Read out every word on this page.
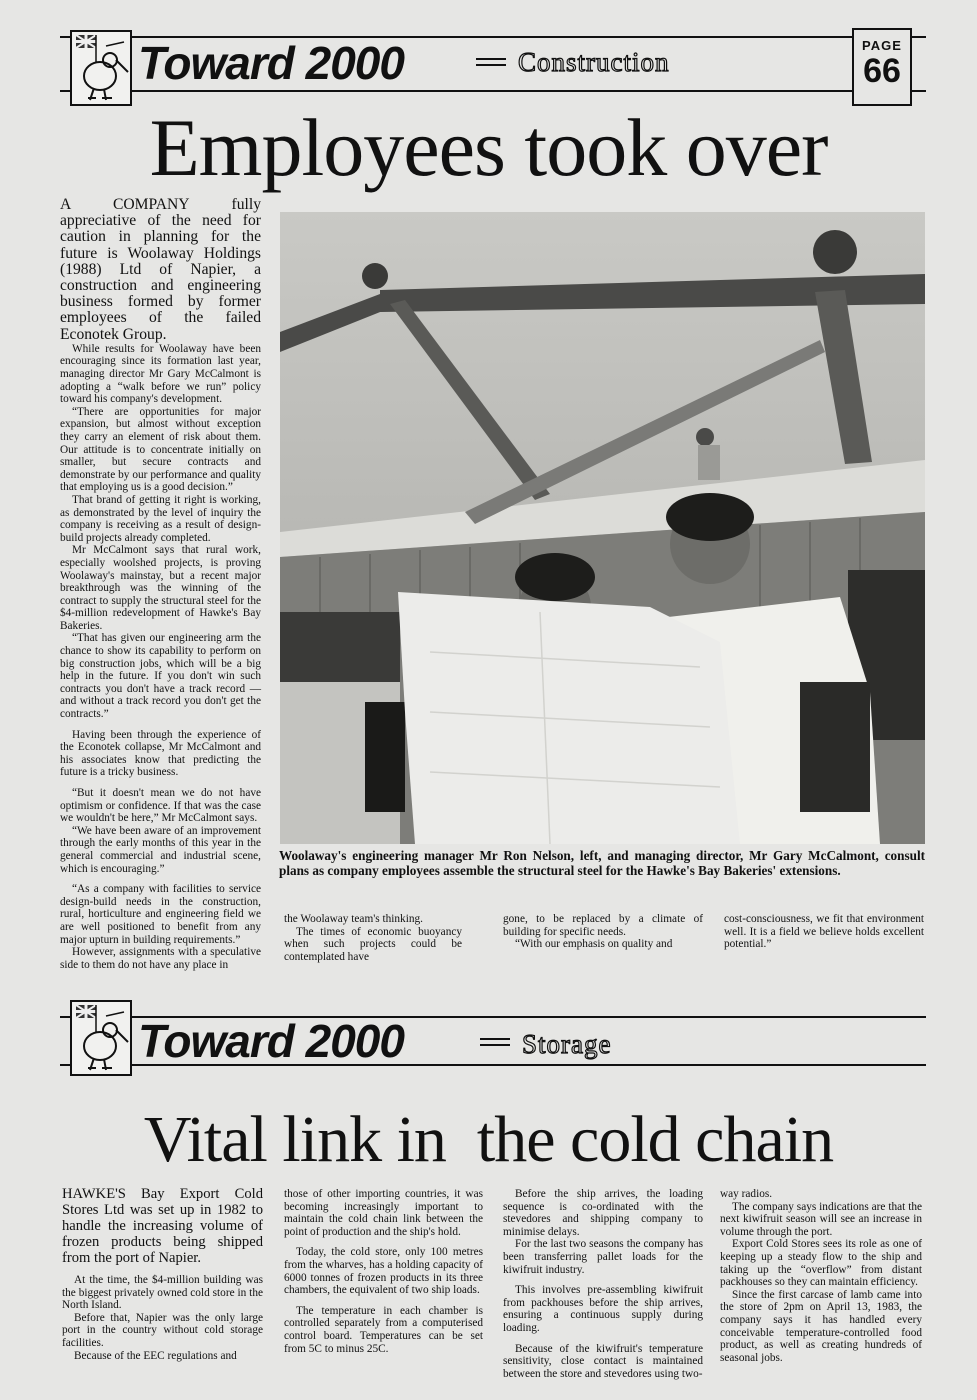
Toward 2000	Construction
PAGE
66
Employees took over
A COMPANY fully appreciative of the need for caution in planning for the future is Woolaway Holdings (1988) Ltd of Napier, a construction and engineering business formed by former employees of the failed Econotek Group.

While results for Woolaway have been encouraging since its formation last year, managing director Mr Gary McCalmont is adopting a “walk before we run” policy toward his company's development.

“There are opportunities for major expansion, but almost without exception they carry an element of risk about them. Our attitude is to concentrate initially on smaller, but secure contracts and demonstrate by our performance and quality that employing us is a good decision.”

That brand of getting it right is working, as demonstrated by the level of inquiry the company is receiving as a result of design-build projects already completed.

Mr McCalmont says that rural work, especially woolshed projects, is proving Woolaway's mainstay, but a recent major breakthrough was the winning of the contract to supply the structural steel for the $4-million redevelopment of Hawke's Bay Bakeries.

“That has given our engineering arm the chance to show its capability to perform on big construction jobs, which will be a big help in the future. If you don't win such contracts you don't have a track record — and without a track record you don't get the contracts.”

Having been through the experience of the Econotek collapse, Mr McCalmont and his associates know that predicting the future is a tricky business.

“But it doesn't mean we do not have optimism or confidence. If that was the case we wouldn't be here,” Mr McCalmont says.

“We have been aware of an improvement through the early months of this year in the general commercial and industrial scene, which is encouraging.”

“As a company with facilities to service design-build needs in the construction, rural, horticulture and engineering field we are well positioned to benefit from any major upturn in building requirements.”

However, assignments with a speculative side to them do not have any place in

Woolaway's engineering manager Mr Ron Nelson, left, and managing director, Mr Gary McCalmont, consult plans as company employees assemble the structural steel for the Hawke's Bay Bakeries' extensions.

the Woolaway team's thinking.

The times of economic buoyancy when such projects could be contemplated have

gone, to be replaced by a climate of building for specific needs.

“With our emphasis on quality and

cost-consciousness, we fit that environment well. It is a field we believe holds excellent potential.”

Toward 2000	Storage
Vital link in  the cold chain
HAWKE'S Bay Export Cold Stores Ltd was set up in 1982 to handle the increasing volume of frozen products being shipped from the port of Napier.

At the time, the $4-million building was the biggest privately owned cold store in the North Island.

Before that, Napier was the only large port in the country without cold storage facilities.

Because of the EEC regulations and

those of other importing countries, it was becoming increasingly important to maintain the cold chain link between the point of production and the ship's hold.

Today, the cold store, only 100 metres from the wharves, has a holding capacity of 6000 tonnes of frozen products in its three chambers, the equivalent of two ship loads.

The temperature in each chamber is controlled separately from a computerised control board. Temperatures can be set from 5C to minus 25C.

Before the ship arrives, the loading sequence is co-ordinated with the stevedores and shipping company to minimise delays.

For the last two seasons the company has been transferring pallet loads for the kiwifruit industry.

This involves pre-assembling kiwifruit from packhouses before the ship arrives, ensuring a continuous supply during loading.

Because of the kiwifruit's temperature sensitivity, close contact is maintained between the store and stevedores using two-

way radios.

The company says indications are that the next kiwifruit season will see an increase in volume through the port.

Export Cold Stores sees its role as one of keeping up a steady flow to the ship and taking up the “overflow” from distant packhouses so they can maintain efficiency.

Since the first carcase of lamb came into the store of 2pm on April 13, 1983, the company says it has handled every conceivable temperature-controlled food product, as well as creating hundreds of seasonal jobs.
